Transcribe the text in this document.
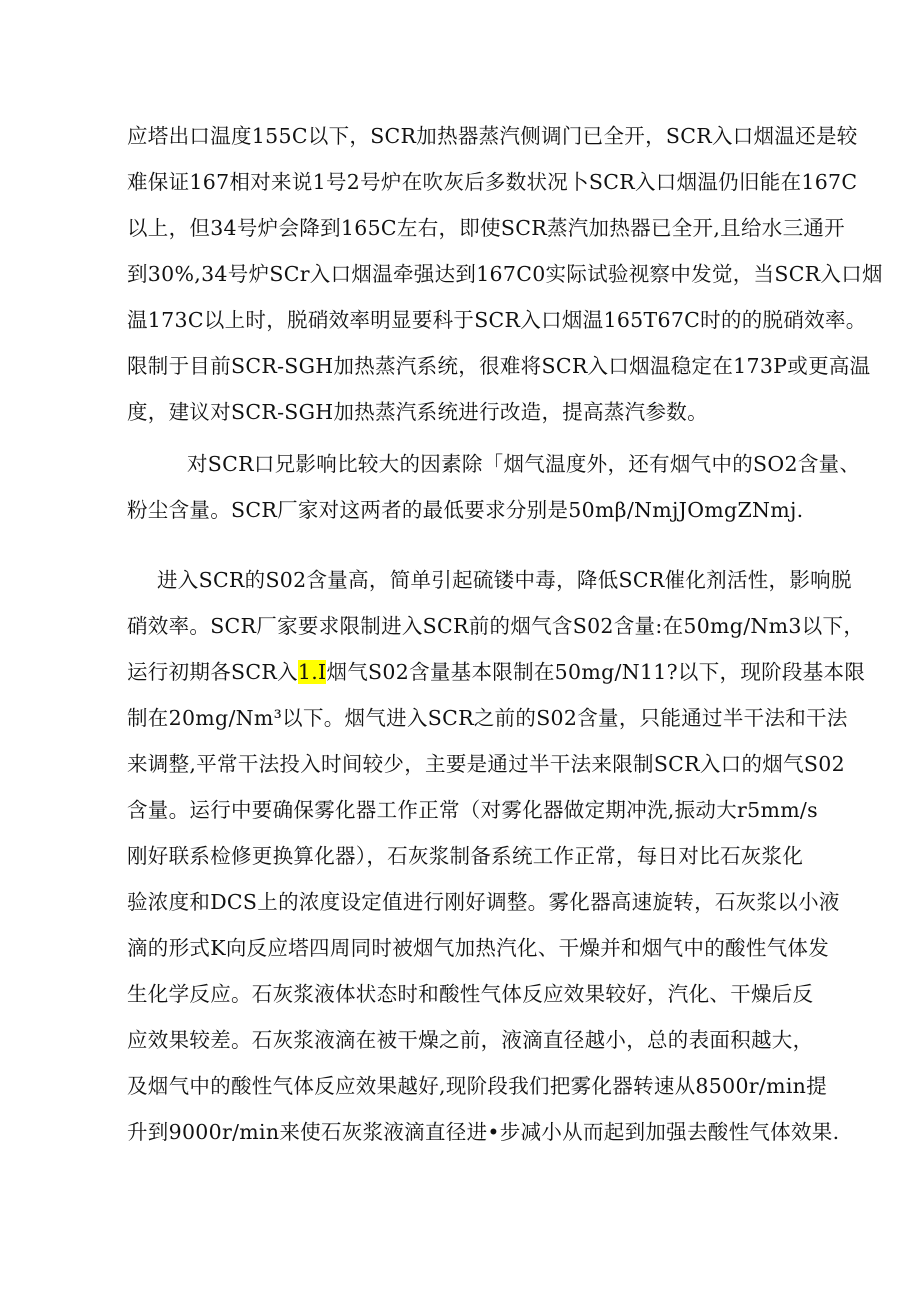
应塔出口温度155C以下，SCR加热器蒸汽侧调门已全开，SCR入口烟温还是较
难保证167相对来说1号2号炉在吹灰后多数状况卜SCR入口烟温仍旧能在167C
以上，但34号炉会降到165C左右，即使SCR蒸汽加热器已全开,且给水三通开
到30%,34号炉SCr入口烟温牵强达到167C0实际试验视察中发觉，当SCR入口烟
温173C以上时，脱硝效率明显要科于SCR入口烟温165T67C时的的脱硝效率。
限制于目前SCR-SGH加热蒸汽系统，很难将SCR入口烟温稳定在173P或更高温
度，建议对SCR-SGH加热蒸汽系统进行改造，提高蒸汽参数。
对SCR口兄影响比较大的因素除「烟气温度外，还有烟气中的SO2含量、
粉尘含量。SCR厂家对这两者的最低要求分别是50mβ/NmjJOmgZNmj.
进入SCR的S02含量高，简单引起硫镂中毒，降低SCR催化剂活性，影响脱
硝效率。SCR厂家要求限制进入SCR前的烟气含S02含量:在50mg/Nm3以下，
运行初期各SCR入1.I烟气S02含量基本限制在50mg/N11?以下，现阶段基本限
制在20mg/Nm³以下。烟气进入SCR之前的S02含量，只能通过半干法和干法
来调整,平常干法投入时间较少，主要是通过半干法来限制SCR入口的烟气S02
含量。运行中要确保雾化器工作正常（对雾化器做定期冲洗,振动大r5mm/s
刚好联系检修更换算化器），石灰浆制备系统工作正常，每日对比石灰浆化
验浓度和DCS上的浓度设定值进行刚好调整。雾化器高速旋转，石灰浆以小液
滴的形式K向反应塔四周同时被烟气加热汽化、干燥并和烟气中的酸性气体发
生化学反应。石灰浆液体状态时和酸性气体反应效果较好，汽化、干燥后反
应效果较差。石灰浆液滴在被干燥之前，液滴直径越小，总的表面积越大，
及烟气中的酸性气体反应效果越好,现阶段我们把雾化器转速从8500r/min提
升到9000r/min来使石灰浆液滴直径进•步减小从而起到加强去酸性气体效果.
